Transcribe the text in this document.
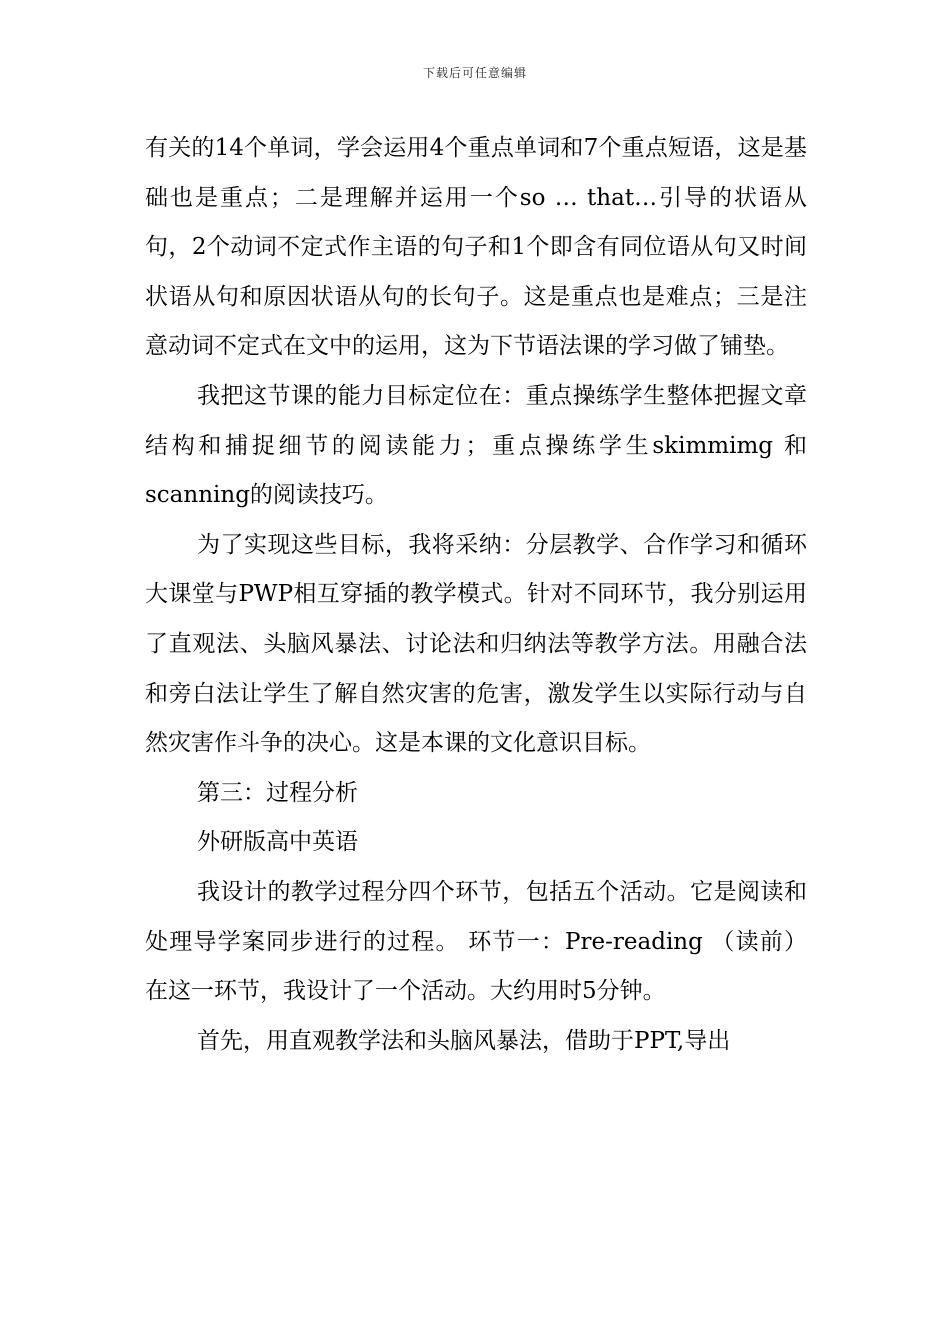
下载后可任意编辑

有关的14个单词，学会运用4个重点单词和7个重点短语，这是基础也是重点；二是理解并运用一个so … that…引导的状语从句，2个动词不定式作主语的句子和1个即含有同位语从句又时间状语从句和原因状语从句的长句子。这是重点也是难点；三是注意动词不定式在文中的运用，这为下节语法课的学习做了铺垫。

我把这节课的能力目标定位在：重点操练学生整体把握文章结构和捕捉细节的阅读能力；重点操练学生skimmimg 和scanning的阅读技巧。

为了实现这些目标，我将采纳：分层教学、合作学习和循环大课堂与PWP相互穿插的教学模式。针对不同环节，我分别运用了直观法、头脑风暴法、讨论法和归纳法等教学方法。用融合法和旁白法让学生了解自然灾害的危害，激发学生以实际行动与自然灾害作斗争的决心。这是本课的文化意识目标。

第三：过程分析

外研版高中英语

我设计的教学过程分四个环节，包括五个活动。它是阅读和处理导学案同步进行的过程。 环节一：Pre-reading （读前） 在这一环节，我设计了一个活动。大约用时5分钟。

首先，用直观教学法和头脑风暴法，借助于PPT,导出
